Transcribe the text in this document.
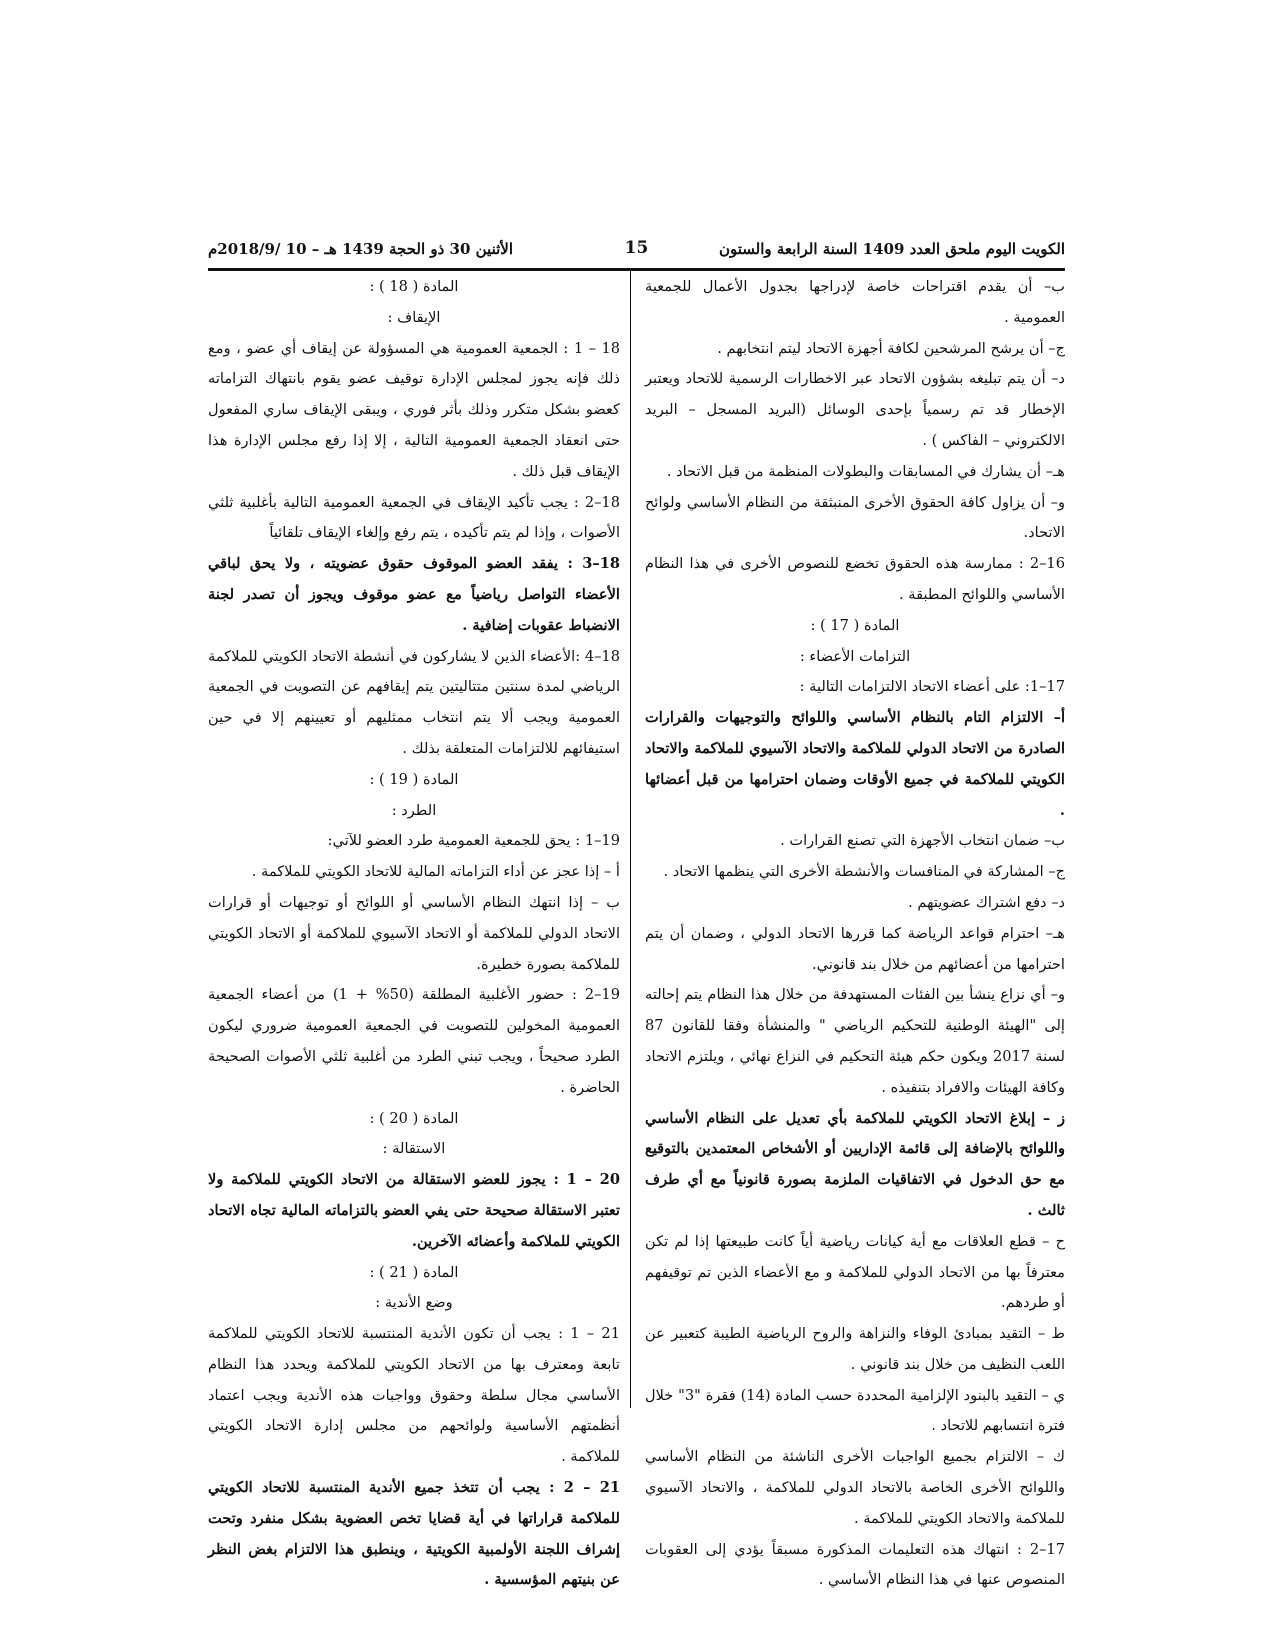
الكويت اليوم ملحق العدد 1409 السنة الرابعة والستون
15
الأثنين 30 ذو الحجة 1439 هـ – 10 /2018/9م

ب– أن يقدم اقتراحات خاصة لإدراجها بجدول الأعمال للجمعية العمومية .

ج– أن يرشح المرشحين لكافة أجهزة الاتحاد ليتم انتخابهم .

د– أن يتم تبليغه بشؤون الاتحاد عبر الاخطارات الرسمية للاتحاد ويعتبر الإخطار قد تم رسمياً بإحدى الوسائل (البريد المسجل – البريد الالكتروني – الفاكس ) .

هـ– أن يشارك في المسابقات والبطولات المنظمة من قبل الاتحاد .

و– أن يزاول كافة الحقوق الأخرى المنبثقة من النظام الأساسي ولوائح الاتحاد.

16–2 : ممارسة هذه الحقوق تخضع للنصوص الأخرى في هذا النظام الأساسي واللوائح المطبقة .

المادة ( 17 ) :

التزامات الأعضاء :

17–1: على أعضاء الاتحاد الالتزامات التالية :

أ– الالتزام التام بالنظام الأساسي واللوائح والتوجيهات والقرارات الصادرة من الاتحاد الدولي للملاكمة والاتحاد الآسيوي للملاكمة والاتحاد الكويتي للملاكمة في جميع الأوقات وضمان احترامها من قبل أعضائها .

ب– ضمان انتخاب الأجهزة التي تصنع القرارات .

ج– المشاركة في المنافسات والأنشطة الأخرى التي ينظمها الاتحاد .

د– دفع اشتراك عضويتهم .

هـ– احترام قواعد الرياضة كما قررها الاتحاد الدولي ، وضمان أن يتم احترامها من أعضائهم من خلال بند قانوني.

و– أي نزاع ينشأ بين الفئات المستهدفة من خلال هذا النظام يتم إحالته إلى "الهيئة الوطنية للتحكيم الرياضي " والمنشأة وفقا للقانون 87 لسنة 2017 ويكون حكم هيئة التحكيم في النزاع نهائي ، ويلتزم الاتحاد وكافة الهيئات والافراد بتنفيذه .

ز – إبلاغ الاتحاد الكويتي للملاكمة بأي تعديل على النظام الأساسي واللوائح بالإضافة إلى قائمة الإداريين أو الأشخاص المعتمدين بالتوقيع مع حق الدخول في الاتفاقيات الملزمة بصورة قانونياً مع أي طرف ثالث .

ح – قطع العلاقات مع أية كيانات رياضية أياً كانت طبيعتها إذا لم تكن معترفاً بها من الاتحاد الدولي للملاكمة و مع الأعضاء الذين تم توقيفهم أو طردهم.

ط – التقيد بمبادئ الوفاء والنزاهة والروح الرياضية الطيبة كتعبير عن اللعب النظيف من خلال بند قانوني .

ي – التقيد بالبنود الإلزامية المحددة حسب المادة (14) فقرة "3" خلال فترة انتسابهم للاتحاد .

ك – الالتزام بجميع الواجبات الأخرى الناشئة من النظام الأساسي واللوائح الأخرى الخاصة بالاتحاد الدولي للملاكمة ، والاتحاد الآسيوي للملاكمة والاتحاد الكويتي للملاكمة .

17–2 : انتهاك هذه التعليمات المذكورة مسبقاً يؤدي إلى العقوبات المنصوص عنها في هذا النظام الأساسي .

المادة ( 18 ) :

الإيقاف :

18 – 1 : الجمعية العمومية هي المسؤولة عن إيقاف أي عضو ، ومع ذلك فإنه يجوز لمجلس الإدارة توقيف عضو يقوم بانتهاك التزاماته كعضو بشكل متكرر وذلك بأثر فوري ، ويبقى الإيقاف ساري المفعول حتى انعقاد الجمعية العمومية التالية ، إلا إذا رفع مجلس الإدارة هذا الإيقاف قبل ذلك .

18–2 : يجب تأكيد الإيقاف في الجمعية العمومية التالية بأغلبية ثلثي الأصوات ، وإذا لم يتم تأكيده ، يتم رفع وإلغاء الإيقاف تلقائياً

18–3 : يفقد العضو الموقوف حقوق عضويته ، ولا يحق لباقي الأعضاء التواصل رياضياً مع عضو موقوف ويجوز أن تصدر لجنة الانضباط عقوبات إضافية .

18–4 :الأعضاء الذين لا يشاركون في أنشطة الاتحاد الكويتي للملاكمة الرياضي لمدة سنتين متتاليتين يتم إيقافهم عن التصويت في الجمعية العمومية ويجب ألا يتم انتخاب ممثليهم أو تعيينهم إلا في حين استيفائهم للالتزامات المتعلقة بذلك .

المادة ( 19 ) :

الطرد :

19–1 : يحق للجمعية العمومية طرد العضو للآتي:

أ – إذا عجز عن أداء التزاماته المالية للاتحاد الكويتي للملاكمة .

ب – إذا انتهك النظام الأساسي أو اللوائح أو توجيهات أو قرارات الاتحاد الدولي للملاكمة أو الاتحاد الآسيوي للملاكمة أو الاتحاد الكويتي للملاكمة بصورة خطيرة.

19–2 : حضور الأغلبية المطلقة (50% + 1) من أعضاء الجمعية العمومية المخولين للتصويت في الجمعية العمومية ضروري ليكون الطرد صحيحاً ، ويجب تبني الطرد من أغلبية ثلثي الأصوات الصحيحة الحاضرة .

المادة ( 20 ) :

الاستقالة :

20 – 1 : يجوز للعضو الاستقالة من الاتحاد الكويتي للملاكمة ولا تعتبر الاستقالة صحيحة حتى يفي العضو بالتزاماته المالية تجاه الاتحاد الكويتي للملاكمة وأعضائه الآخرين.

المادة ( 21 ) :

وضع الأندية :

21 – 1 : يجب أن تكون الأندية المنتسبة للاتحاد الكويتي للملاكمة تابعة ومعترف بها من الاتحاد الكويتي للملاكمة ويحدد هذا النظام الأساسي مجال سلطة وحقوق وواجبات هذه الأندية ويجب اعتماد أنظمتهم الأساسية ولوائحهم من مجلس إدارة الاتحاد الكويتي للملاكمة .

21 – 2 : يجب أن تتخذ جميع الأندية المنتسبة للاتحاد الكويتي للملاكمة قراراتها في أية قضايا تخص العضوية بشكل منفرد وتحت إشراف اللجنة الأولمبية الكويتية ، وينطبق هذا الالتزام بغض النظر عن بنيتهم المؤسسية .
